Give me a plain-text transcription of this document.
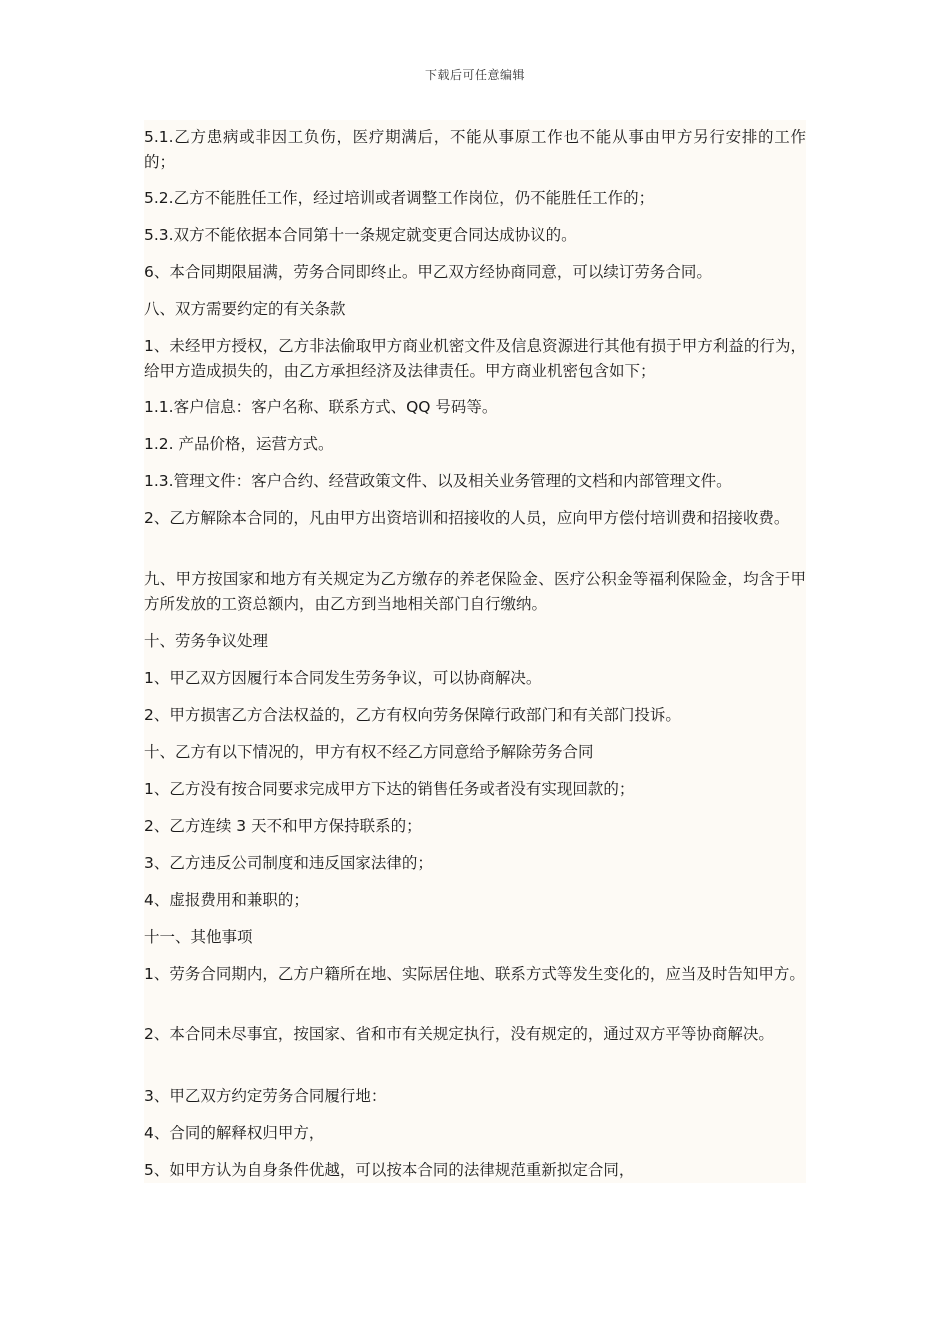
下载后可任意编辑
5.1.乙方患病或非因工负伤，医疗期满后，不能从事原工作也不能从事由甲方另行安排的工作的；
5.2.乙方不能胜任工作，经过培训或者调整工作岗位，仍不能胜任工作的；
5.3.双方不能依据本合同第十一条规定就变更合同达成协议的。
6、本合同期限届满，劳务合同即终止。甲乙双方经协商同意，可以续订劳务合同。
八、双方需要约定的有关条款
1、未经甲方授权，乙方非法偷取甲方商业机密文件及信息资源进行其他有损于甲方利益的行为，给甲方造成损失的，由乙方承担经济及法律责任。甲方商业机密包含如下；
1.1.客户信息：客户名称、联系方式、QQ 号码等。
1.2. 产品价格，运营方式。
1.3.管理文件：客户合约、经营政策文件、以及相关业务管理的文档和内部管理文件。
2、乙方解除本合同的，凡由甲方出资培训和招接收的人员，应向甲方偿付培训费和招接收费。
九、甲方按国家和地方有关规定为乙方缴存的养老保险金、医疗公积金等福利保险金，均含于甲方所发放的工资总额内，由乙方到当地相关部门自行缴纳。
十、劳务争议处理
1、甲乙双方因履行本合同发生劳务争议，可以协商解决。
2、甲方损害乙方合法权益的，乙方有权向劳务保障行政部门和有关部门投诉。
十、乙方有以下情况的，甲方有权不经乙方同意给予解除劳务合同
1、乙方没有按合同要求完成甲方下达的销售任务或者没有实现回款的；
2、乙方连续 3 天不和甲方保持联系的；
3、乙方违反公司制度和违反国家法律的；
4、虚报费用和兼职的；
十一、其他事项
1、劳务合同期内，乙方户籍所在地、实际居住地、联系方式等发生变化的，应当及时告知甲方。
2、本合同未尽事宜，按国家、省和市有关规定执行，没有规定的，通过双方平等协商解决。
3、甲乙双方约定劳务合同履行地：
4、合同的解释权归甲方，
5、如甲方认为自身条件优越，可以按本合同的法律规范重新拟定合同，
